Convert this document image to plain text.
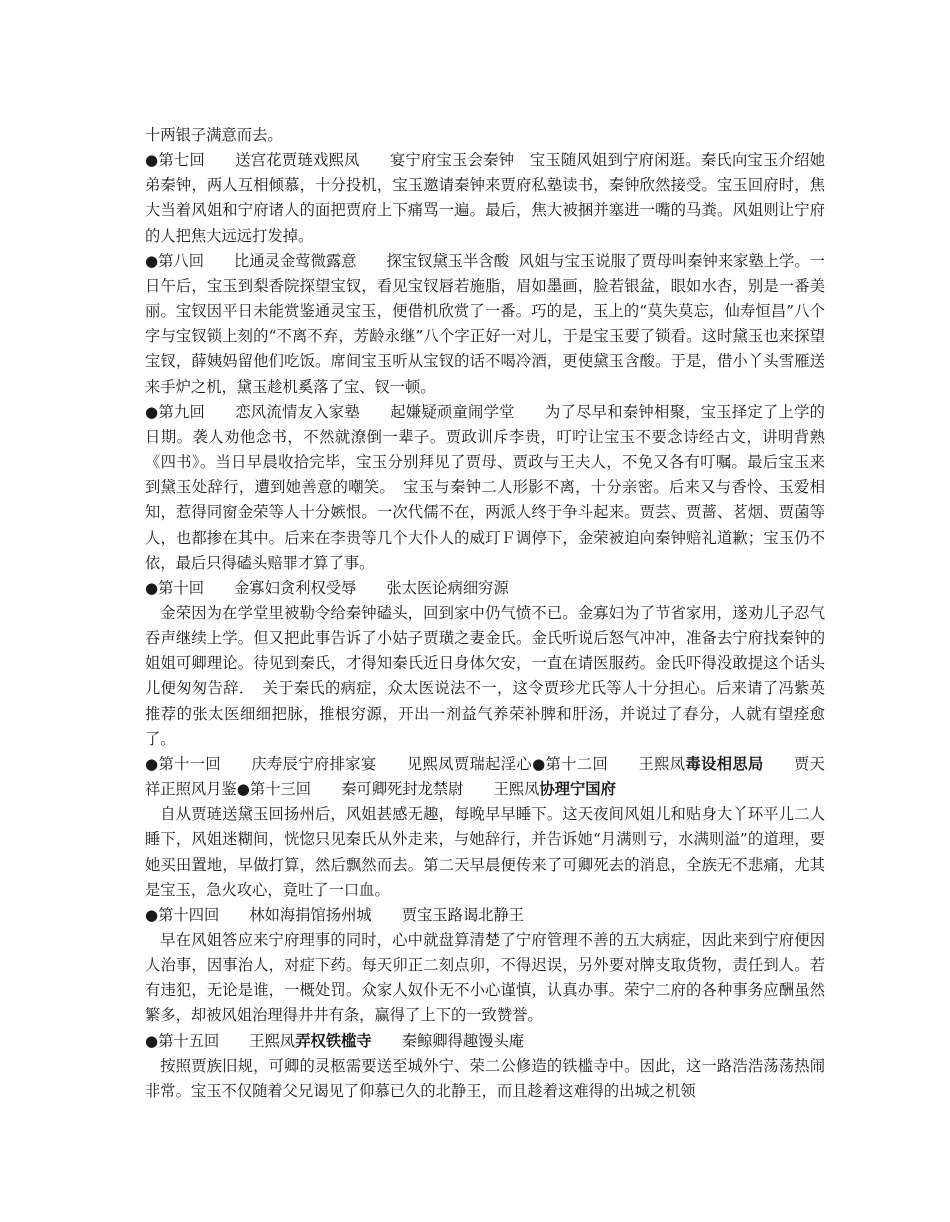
十两银子满意而去。

●第七回 送宫花贾琏戏熙凤 宴宁府宝玉会秦钟　 宝玉随风姐到宁府闲逛。秦氏向宝玉介绍她弟秦钟，两人互相倾慕，十分投机，宝玉邀请秦钟来贾府私塾读书，秦钟欣然接受。宝玉回府时，焦大当着风姐和宁府诸人的面把贾府上下痛骂一遍。最后，焦大被捆并塞进一嘴的马粪。风姐则让宁府的人把焦大远远打发掉。

●第八回 比通灵金莺微露意 探宝钗黛玉半含酸 风姐与宝玉说服了贾母叫秦钟来家塾上学。一日午后，宝玉到梨香院探望宝钗，看见宝钗唇若施脂，眉如墨画，脸若银盆，眼如水杏，别是一番美丽。宝钗因平日未能赏鉴通灵宝玉，便借机欣赏了一番。巧的是，玉上的“莫失莫忘，仙寿恒昌”八个字与宝钗锁上刻的“不离不弃，芳龄永继”八个字正好一对儿，于是宝玉要了锁看。这时黛玉也来探望宝钗，薛姨妈留他们吃饭。席间宝玉听从宝钗的话不喝冷酒，更使黛玉含酸。于是，借小丫头雪雁送来手炉之机，黛玉趁机奚落了宝、钗一顿。

●第九回 恋风流情友入家塾 起嫌疑顽童闹学堂 为了尽早和秦钟相聚，宝玉择定了上学的日期。袭人劝他念书，不然就潦倒一辈子。贾政训斥李贵，叮咛让宝玉不要念诗经古文，讲明背熟《四书》。当日早晨收拾完毕，宝玉分别拜见了贾母、贾政与王夫人，不免又各有叮嘱。最后宝玉来到黛玉处辞行，遭到她善意的嘲笑。　宝玉与秦钟二人形影不离，十分亲密。后来又与香怜、玉爱相知，惹得同窗金荣等人十分嫉恨。一次代儒不在，两派人终于争斗起来。贾芸、贾蔷、茗烟、贾菌等人，也都掺在其中。后来在李贵等几个大仆人的威玎Ｆ调停下，金荣被迫向秦钟赔礼道歉；宝玉仍不依，最后只得磕头赔罪才算了事。

●第十回 金寡妇贪利权受辱 张太医论病细穷源

金荣因为在学堂里被勒令给秦钟磕头，回到家中仍气愤不已。金寡妇为了节省家用，遂劝儿子忍气吞声继续上学。但又把此事告诉了小姑子贾璜之妻金氏。金氏听说后怒气冲冲，准备去宁府找秦钟的姐姐可卿理论。待见到秦氏，才得知秦氏近日身体欠安，一直在请医服药。金氏吓得没敢提这个话头儿便匆匆告辞．　关于秦氏的病症，众太医说法不一，这令贾珍尤氏等人十分担心。后来请了冯紫英推荐的张太医细细把脉，推根穷源，开出一剂益气养荣补脾和肝汤，并说过了春分，人就有望痊愈了。

●第十一回 庆寿辰宁府排家宴 见熙凤贾瑞起淫心●第十二回 王熙凤毒设相思局 贾天祥正照风月鉴●第十三回 秦可卿死封龙禁尉 王熙凤协理宁国府

自从贾琏送黛玉回扬州后，风姐甚感无趣，每晚早早睡下。这天夜间风姐儿和贴身大丫环平儿二人睡下，风姐迷糊间，恍惚只见秦氏从外走来，与她辞行，并告诉她“月满则亏，水满则溢”的道理，要她买田置地，早做打算，然后飘然而去。第二天早晨便传来了可卿死去的消息，全族无不悲痛，尤其是宝玉，急火攻心，竟吐了一口血。

●第十四回 林如海捐馆扬州城 贾宝玉路谒北静王

早在风姐答应来宁府理事的同时，心中就盘算清楚了宁府管理不善的五大病症，因此来到宁府便因人治事，因事治人，对症下药。每天卯正二刻点卯，不得迟误，另外要对牌支取货物，责任到人。若有违犯，无论是谁，一概处罚。众家人奴仆无不小心谨慎，认真办事。荣宁二府的各种事务应酬虽然繁多，却被风姐治理得井井有条，赢得了上下的一致赞誉。

●第十五回 王熙凤弄权铁槛寺 秦鲸卿得趣馒头庵

按照贾族旧规，可卿的灵柩需要送至城外宁、荣二公修造的铁槛寺中。因此，这一路浩浩荡荡热闹非常。宝玉不仅随着父兄谒见了仰慕已久的北静王，而且趁着这难得的出城之机领
